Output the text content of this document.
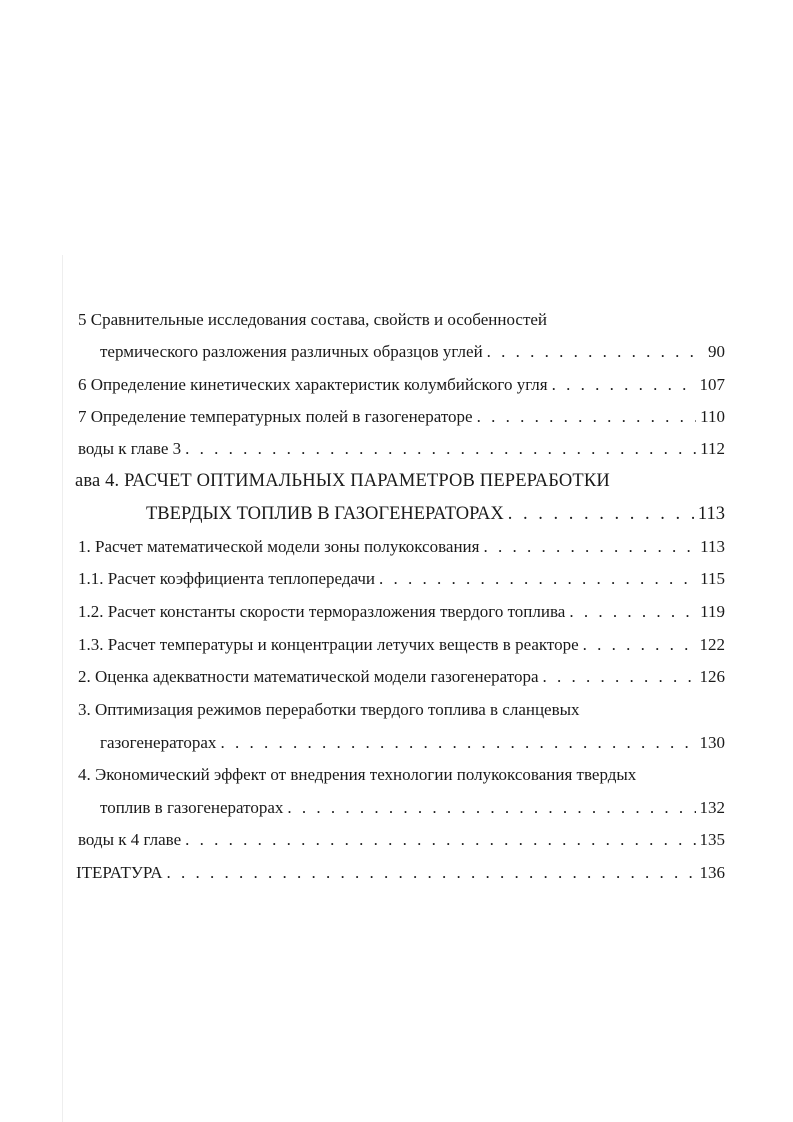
5 Сравнительные исследования состава, свойств и особенностей
термического разложения различных образцов углей . . .	90
6 Определение кинетических характеристик колумбийского угля . . .	107
7 Определение температурных полей в газогенераторе . . .	110
воды к главе 3 . . .	112
ава 4. РАСЧЕТ ОПТИМАЛЬНЫХ ПАРАМЕТРОВ ПЕРЕРАБОТКИ
ТВЕРДЫХ ТОПЛИВ В ГАЗОГЕНЕРАТОРАХ . . .	113
1. Расчет математической модели зоны полукоксования . . .	113
1.1. Расчет коэффициента теплопередачи . . .	115
1.2. Расчет константы скорости терморазложения твердого топлива . . .	119
1.3. Расчет температуры и концентрации летучих веществ в реакторе . . .	122
2. Оценка адекватности математической модели газогенератора . . .	126
3. Оптимизация режимов переработки твердого топлива в сланцевых
газогенераторах . . .	130
4. Экономический эффект от внедрения технологии полукоксования твердых
топлив в газогенераторах . . .	132
воды к 4 главе . . .	135
ІТЕРАТУРА . . .	136
